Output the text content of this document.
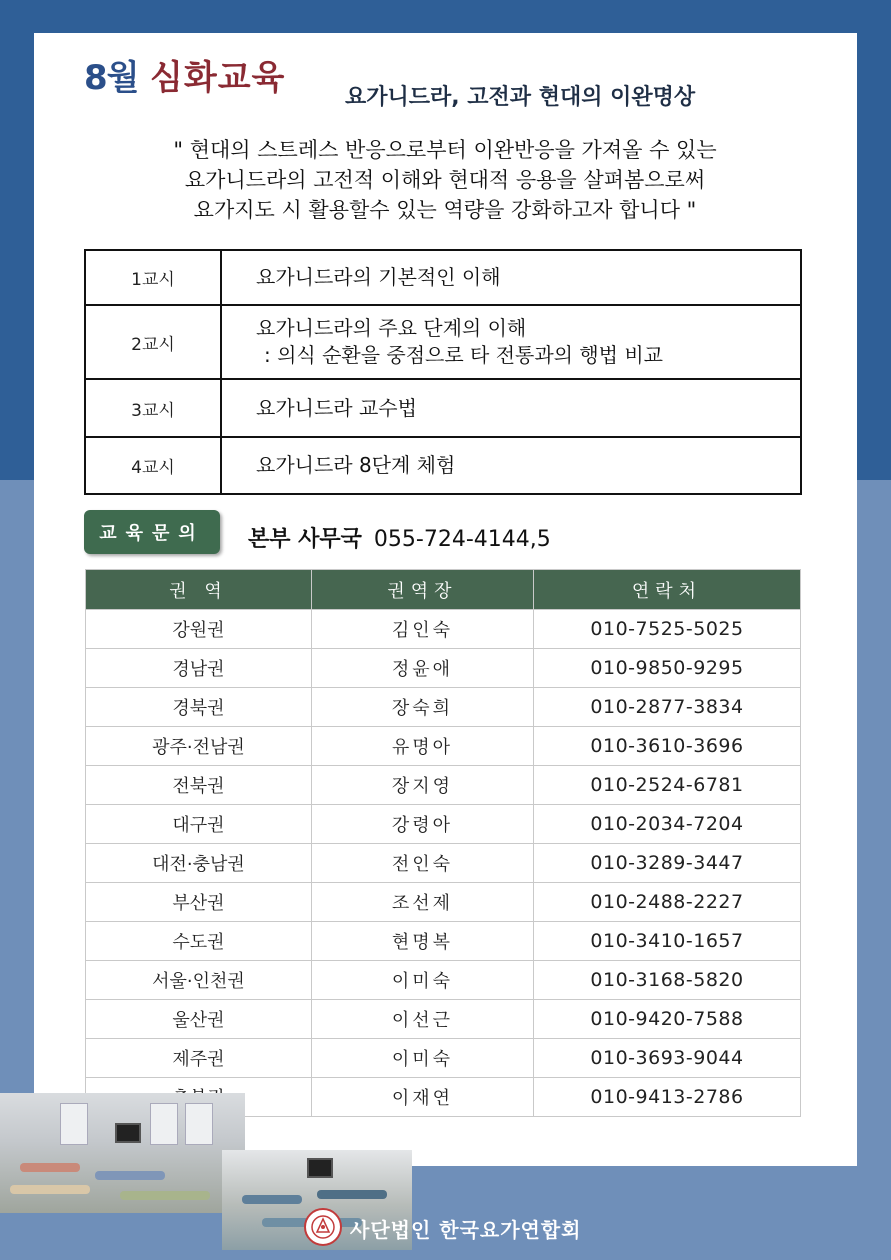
8월 심화교육	요가니드라, 고전과 현대의 이완명상
" 현대의 스트레스 반응으로부터 이완반응을 가져올 수 있는
요가니드라의 고전적 이해와 현대적 응용을 살펴봄으로써
요가지도 시 활용할수 있는 역량을 강화하고자 합니다 "
1교시	요가니드라의 기본적인 이해
2교시	요가니드라의 주요 단계의 이해
: 의식 순환을 중점으로 타 전통과의 행법 비교

3교시	요가니드라 교수법
4교시	요가니드라 8단계 체험
교육문의	본부 사무국 055-724-4144,5
권 역	권역장	연락처
강원권	김인숙	010-7525-5025
경남권	정윤애	010-9850-9295
경북권	장숙희	010-2877-3834
광주·전남권	유명아	010-3610-3696
전북권	장지영	010-2524-6781
대구권	강령아	010-2034-7204
대전·충남권	전인숙	010-3289-3447
부산권	조선제	010-2488-2227
수도권	현명복	010-3410-1657
서울·인천권	이미숙	010-3168-5820
울산권	이선근	010-9420-7588
제주권	이미숙	010-3693-9044
	이재연	010-9413-2786
사단법인 한국요가연합회
